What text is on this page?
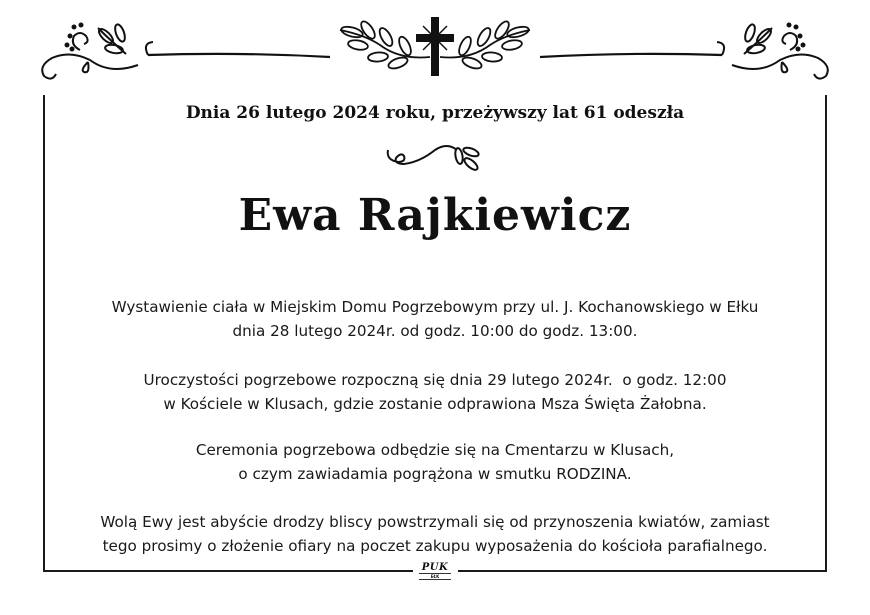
Dnia 26 lutego 2024 roku, przeżywszy lat 61 odeszła
Ewa Rajkiewicz
Wystawienie ciała w Miejskim Domu Pogrzebowym przy ul. J. Kochanowskiego w Ełku
dnia 28 lutego 2024r. od godz. 10:00 do godz. 13:00.
Uroczystości pogrzebowe rozpoczną się dnia 29 lutego 2024r.  o godz. 12:00
w Kościele w Klusach, gdzie zostanie odprawiona Msza Święta Żałobna.
Ceremonia pogrzebowa odbędzie się na Cmentarzu w Klusach,
o czym zawiadamia pogrążona w smutku RODZINA.
Wolą Ewy jest abyście drodzy bliscy powstrzymali się od przynoszenia kwiatów, zamiast
tego prosimy o złożenie ofiary na poczet zakupu wyposażenia do kościoła parafialnego.
PUK
EŁK
